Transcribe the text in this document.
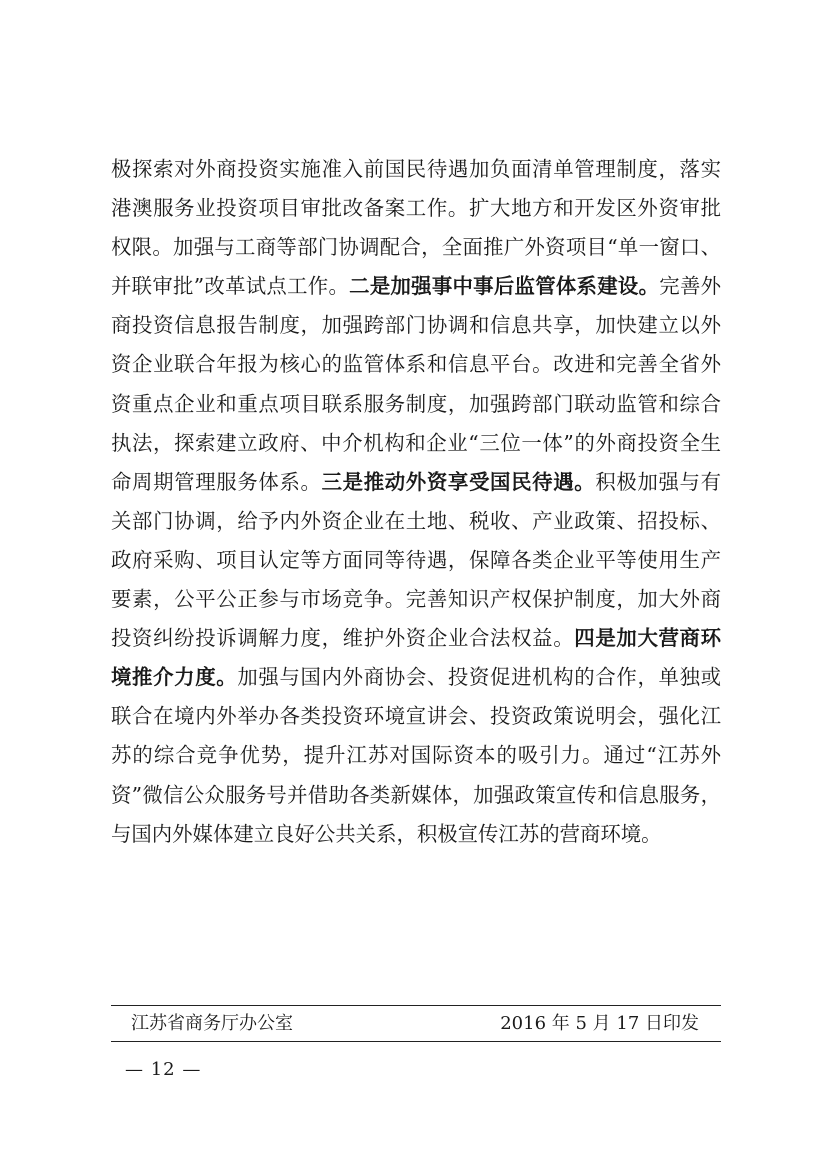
极探索对外商投资实施准入前国民待遇加负面清单管理制度，落实港澳服务业投资项目审批改备案工作。扩大地方和开发区外资审批权限。加强与工商等部门协调配合，全面推广外资项目“单一窗口、并联审批”改革试点工作。二是加强事中事后监管体系建设。完善外商投资信息报告制度，加强跨部门协调和信息共享，加快建立以外资企业联合年报为核心的监管体系和信息平台。改进和完善全省外资重点企业和重点项目联系服务制度，加强跨部门联动监管和综合执法，探索建立政府、中介机构和企业“三位一体”的外商投资全生命周期管理服务体系。三是推动外资享受国民待遇。积极加强与有关部门协调，给予内外资企业在土地、税收、产业政策、招投标、政府采购、项目认定等方面同等待遇，保障各类企业平等使用生产要素，公平公正参与市场竞争。完善知识产权保护制度，加大外商投资纠纷投诉调解力度，维护外资企业合法权益。四是加大营商环境推介力度。加强与国内外商协会、投资促进机构的合作，单独或联合在境内外举办各类投资环境宣讲会、投资政策说明会，强化江苏的综合竞争优势，提升江苏对国际资本的吸引力。通过“江苏外资”微信公众服务号并借助各类新媒体，加强政策宣传和信息服务，与国内外媒体建立良好公共关系，积极宣传江苏的营商环境。

江苏省商务厅办公室	2016 年 5 月 17 日印发
— 12 —
